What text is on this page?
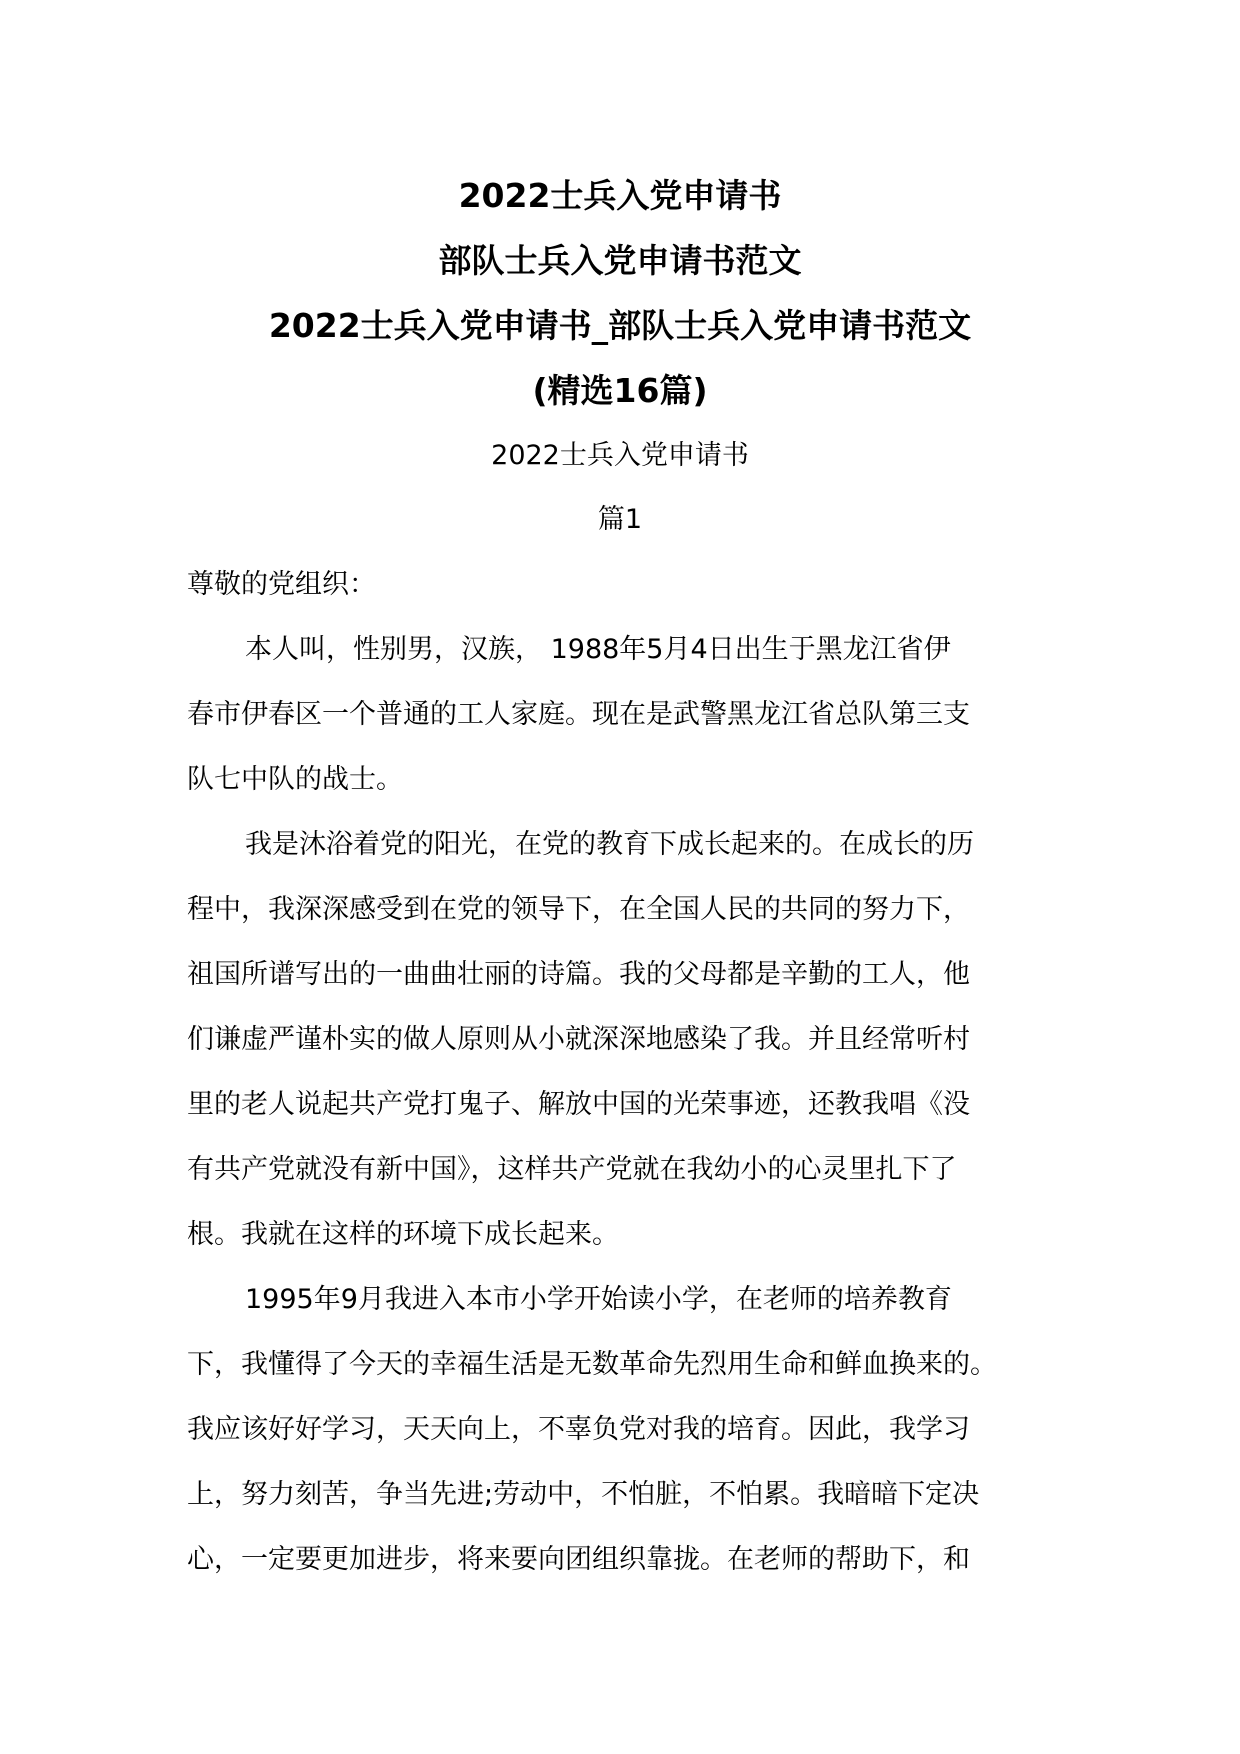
2022士兵入党申请书
部队士兵入党申请书范文
2022士兵入党申请书_部队士兵入党申请书范文
(精选16篇)
2022士兵入党申请书
篇1
尊敬的党组织：
本人叫，性别男，汉族， 1988年5月4日出生于黑龙江省伊
春市伊春区一个普通的工人家庭。现在是武警黑龙江省总队第三支
队七中队的战士。
我是沐浴着党的阳光，在党的教育下成长起来的。在成长的历
程中，我深深感受到在党的领导下，在全国人民的共同的努力下，
祖国所谱写出的一曲曲壮丽的诗篇。我的父母都是辛勤的工人，他
们谦虚严谨朴实的做人原则从小就深深地感染了我。并且经常听村
里的老人说起共产党打鬼子、解放中国的光荣事迹，还教我唱《没
有共产党就没有新中国》，这样共产党就在我幼小的心灵里扎下了
根。我就在这样的环境下成长起来。
1995年9月我进入本市小学开始读小学，在老师的培养教育
下，我懂得了今天的幸福生活是无数革命先烈用生命和鲜血换来的。
我应该好好学习，天天向上，不辜负党对我的培育。因此，我学习
上，努力刻苦，争当先进;劳动中，不怕脏，不怕累。我暗暗下定决
心，一定要更加进步，将来要向团组织靠拢。在老师的帮助下，和
